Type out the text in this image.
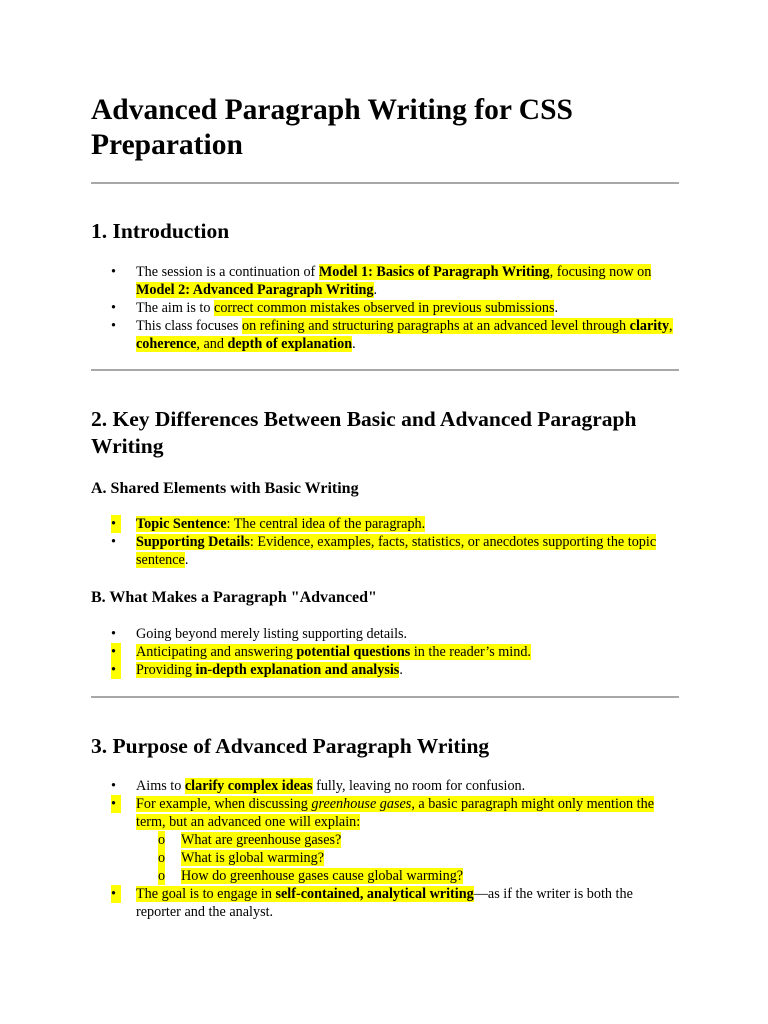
Advanced Paragraph Writing for CSS Preparation
1. Introduction
•
The session is a continuation of Model 1: Basics of Paragraph Writing, focusing now on Model 2: Advanced Paragraph Writing.
•
The aim is to correct common mistakes observed in previous submissions.
•
This class focuses on refining and structuring paragraphs at an advanced level through clarity, coherence, and depth of explanation.
2. Key Differences Between Basic and Advanced Paragraph Writing
A. Shared Elements with Basic Writing
•
Topic Sentence: The central idea of the paragraph.
•
Supporting Details: Evidence, examples, facts, statistics, or anecdotes supporting the topic sentence.
B. What Makes a Paragraph "Advanced"
•
Going beyond merely listing supporting details.
•
Anticipating and answering potential questions in the reader’s mind.
•
Providing in-depth explanation and analysis.
3. Purpose of Advanced Paragraph Writing
•
Aims to clarify complex ideas fully, leaving no room for confusion.
•
For example, when discussing greenhouse gases, a basic paragraph might only mention the term, but an advanced one will explain:
o
What are greenhouse gases?
o
What is global warming?
o
How do greenhouse gases cause global warming?
•
The goal is to engage in self-contained, analytical writing—as if the writer is both the reporter and the analyst.
